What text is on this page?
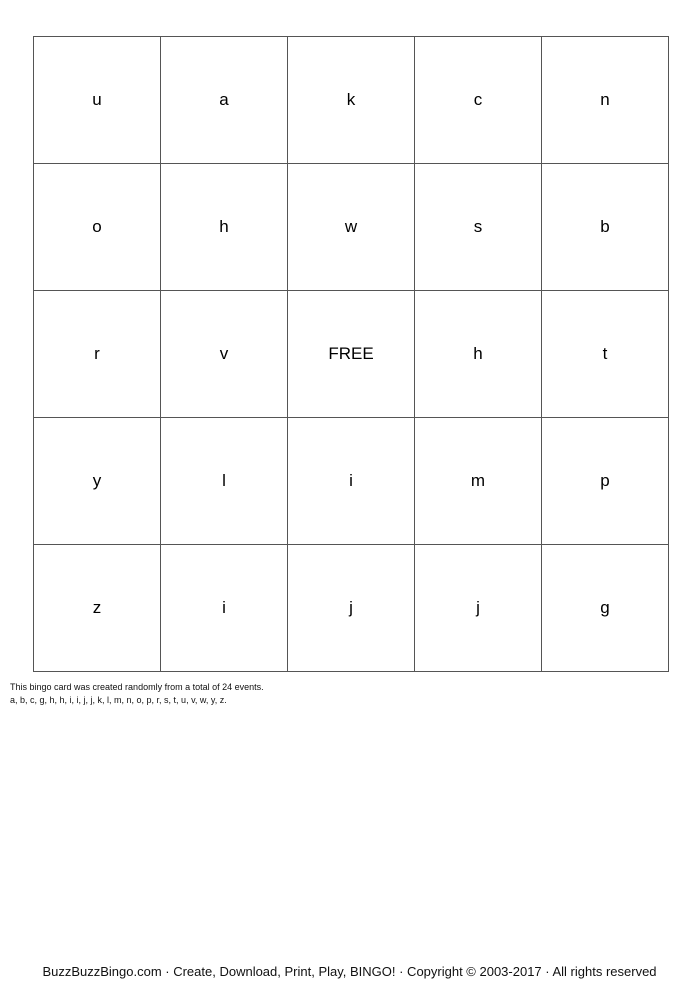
u	a	k	c	n
o	h	w	s	b
r	v	FREE	h	t
y	l	i	m	p
z	i	j	j	g
This bingo card was created randomly from a total of 24 events.
a, b, c, g, h, h, i, i, j, j, k, l, m, n, o, p, r, s, t, u, v, w, y, z.
BuzzBuzzBingo.com · Create, Download, Print, Play, BINGO! · Copyright © 2003-2017 · All rights reserved
